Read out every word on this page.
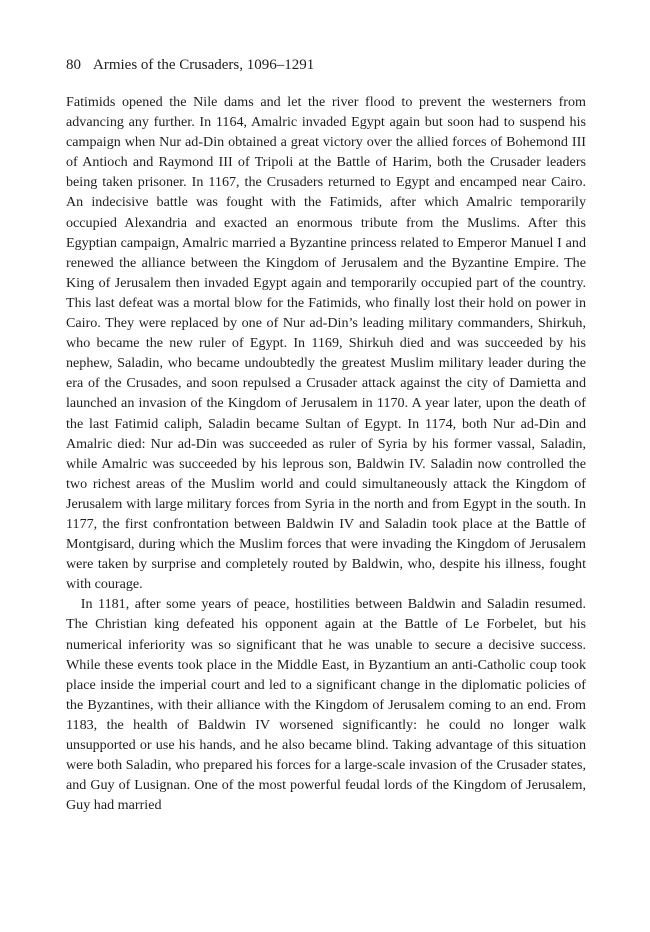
80 Armies of the Crusaders, 1096–1291

Fatimids opened the Nile dams and let the river flood to prevent the westerners from advancing any further. In 1164, Amalric invaded Egypt again but soon had to suspend his campaign when Nur ad-Din obtained a great victory over the allied forces of Bohemond III of Antioch and Raymond III of Tripoli at the Battle of Harim, both the Crusader leaders being taken prisoner. In 1167, the Crusaders returned to Egypt and encamped near Cairo. An indecisive battle was fought with the Fatimids, after which Amalric temporarily occupied Alexandria and exacted an enormous tribute from the Muslims. After this Egyptian campaign, Amalric married a Byzantine princess related to Emperor Manuel I and renewed the alliance between the Kingdom of Jerusalem and the Byzantine Empire. The King of Jerusalem then invaded Egypt again and temporarily occupied part of the country. This last defeat was a mortal blow for the Fatimids, who finally lost their hold on power in Cairo. They were replaced by one of Nur ad-Din’s leading military commanders, Shirkuh, who became the new ruler of Egypt. In 1169, Shirkuh died and was succeeded by his nephew, Saladin, who became undoubtedly the greatest Muslim military leader during the era of the Crusades, and soon repulsed a Crusader attack against the city of Damietta and launched an invasion of the Kingdom of Jerusalem in 1170. A year later, upon the death of the last Fatimid caliph, Saladin became Sultan of Egypt. In 1174, both Nur ad-Din and Amalric died: Nur ad-Din was succeeded as ruler of Syria by his former vassal, Saladin, while Amalric was succeeded by his leprous son, Baldwin IV. Saladin now controlled the two richest areas of the Muslim world and could simultaneously attack the Kingdom of Jerusalem with large military forces from Syria in the north and from Egypt in the south. In 1177, the first confrontation between Baldwin IV and Saladin took place at the Battle of Montgisard, during which the Muslim forces that were invading the Kingdom of Jerusalem were taken by surprise and completely routed by Baldwin, who, despite his illness, fought with courage.

In 1181, after some years of peace, hostilities between Baldwin and Saladin resumed. The Christian king defeated his opponent again at the Battle of Le Forbelet, but his numerical inferiority was so significant that he was unable to secure a decisive success. While these events took place in the Middle East, in Byzantium an anti-Catholic coup took place inside the imperial court and led to a significant change in the diplomatic policies of the Byzantines, with their alliance with the Kingdom of Jerusalem coming to an end. From 1183, the health of Baldwin IV worsened significantly: he could no longer walk unsupported or use his hands, and he also became blind. Taking advantage of this situation were both Saladin, who prepared his forces for a large-scale invasion of the Crusader states, and Guy of Lusignan. One of the most powerful feudal lords of the Kingdom of Jerusalem, Guy had married
